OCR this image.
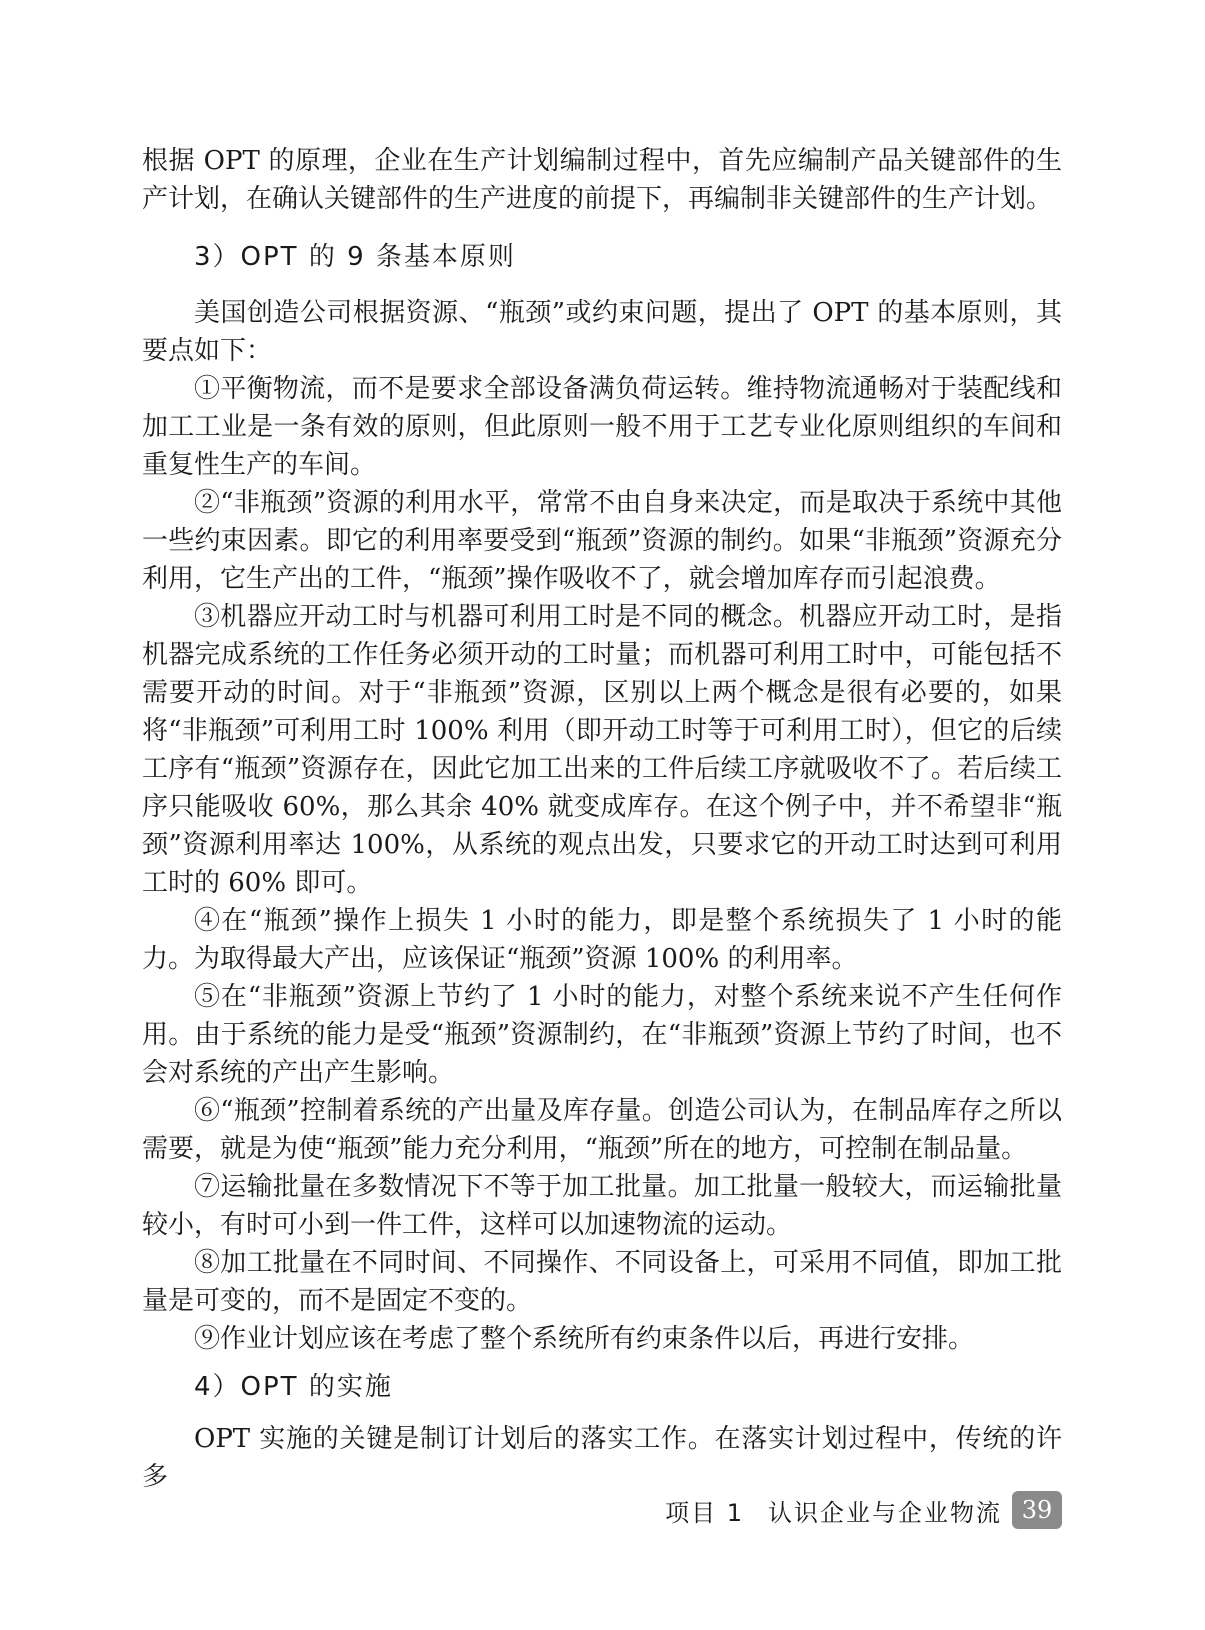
根据 OPT 的原理，企业在生产计划编制过程中，首先应编制产品关键部件的生产计划，在确认关键部件的生产进度的前提下，再编制非关键部件的生产计划。

3）OPT 的 9 条基本原则

美国创造公司根据资源、“瓶颈”或约束问题，提出了 OPT 的基本原则，其要点如下：

①平衡物流，而不是要求全部设备满负荷运转。维持物流通畅对于装配线和加工工业是一条有效的原则，但此原则一般不用于工艺专业化原则组织的车间和重复性生产的车间。

②“非瓶颈”资源的利用水平，常常不由自身来决定，而是取决于系统中其他一些约束因素。即它的利用率要受到“瓶颈”资源的制约。如果“非瓶颈”资源充分利用，它生产出的工件，“瓶颈”操作吸收不了，就会增加库存而引起浪费。

③机器应开动工时与机器可利用工时是不同的概念。机器应开动工时，是指机器完成系统的工作任务必须开动的工时量；而机器可利用工时中，可能包括不需要开动的时间。对于“非瓶颈”资源，区别以上两个概念是很有必要的，如果将“非瓶颈”可利用工时 100% 利用（即开动工时等于可利用工时），但它的后续工序有“瓶颈”资源存在，因此它加工出来的工件后续工序就吸收不了。若后续工序只能吸收 60%，那么其余 40% 就变成库存。在这个例子中，并不希望非“瓶颈”资源利用率达 100%，从系统的观点出发，只要求它的开动工时达到可利用工时的 60% 即可。

④在“瓶颈”操作上损失 1 小时的能力，即是整个系统损失了 1 小时的能力。为取得最大产出，应该保证“瓶颈”资源 100% 的利用率。

⑤在“非瓶颈”资源上节约了 1 小时的能力，对整个系统来说不产生任何作用。由于系统的能力是受“瓶颈”资源制约，在“非瓶颈”资源上节约了时间，也不会对系统的产出产生影响。

⑥“瓶颈”控制着系统的产出量及库存量。创造公司认为，在制品库存之所以需要，就是为使“瓶颈”能力充分利用，“瓶颈”所在的地方，可控制在制品量。

⑦运输批量在多数情况下不等于加工批量。加工批量一般较大，而运输批量较小，有时可小到一件工件，这样可以加速物流的运动。

⑧加工批量在不同时间、不同操作、不同设备上，可采用不同值，即加工批量是可变的，而不是固定不变的。

⑨作业计划应该在考虑了整个系统所有约束条件以后，再进行安排。

4）OPT 的实施

OPT 实施的关键是制订计划后的落实工作。在落实计划过程中，传统的许多

项目 1 认识企业与企业物流 39
